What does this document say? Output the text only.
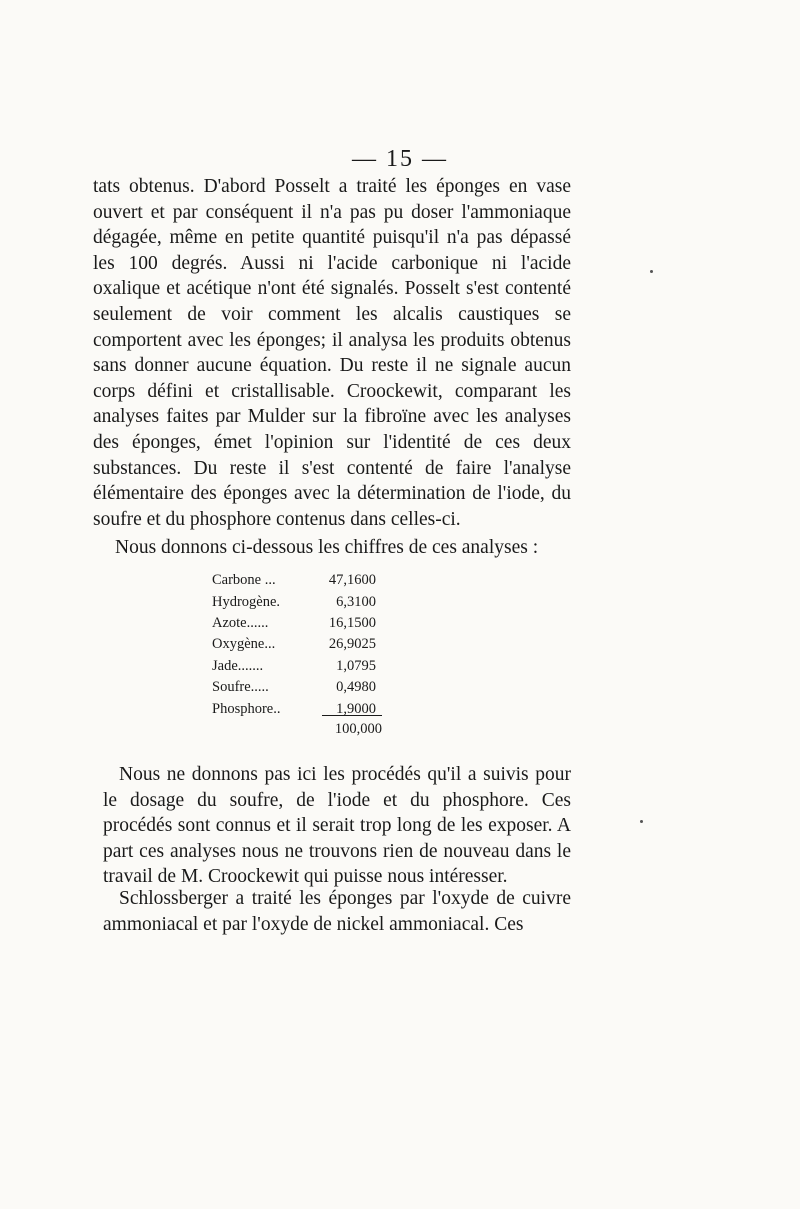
— 15 —

tats obtenus. D'abord Posselt a traité les éponges en vase ouvert et par conséquent il n'a pas pu doser l'ammoniaque dégagée, même en petite quantité puisqu'il n'a pas dépassé les 100 degrés. Aussi ni l'acide carbonique ni l'acide oxalique et acétique n'ont été signalés. Posselt s'est contenté seulement de voir comment les alcalis caustiques se comportent avec les éponges; il analysa les produits obtenus sans donner aucune équation. Du reste il ne signale aucun corps défini et cristallisable. Croockewit, comparant les analyses faites par Mulder sur la fibroïne avec les analyses des éponges, émet l'opinion sur l'identité de ces deux substances. Du reste il s'est contenté de faire l'analyse élémentaire des éponges avec la détermination de l'iode, du soufre et du phosphore contenus dans celles-ci.

Nous donnons ci-dessous les chiffres de ces analyses :

Carbone ...	47,1600
Hydrogène.	6,3100
Azote......	16,1500
Oxygène...	26,9025
Jade.......	1,0795
Soufre.....	0,4980
Phosphore..	1,9000
100,000

Nous ne donnons pas ici les procédés qu'il a suivis pour le dosage du soufre, de l'iode et du phosphore. Ces procédés sont connus et il serait trop long de les exposer. A part ces analyses nous ne trouvons rien de nouveau dans le travail de M. Croockewit qui puisse nous intéresser.

Schlossberger a traité les éponges par l'oxyde de cuivre ammoniacal et par l'oxyde de nickel ammoniacal. Ces
